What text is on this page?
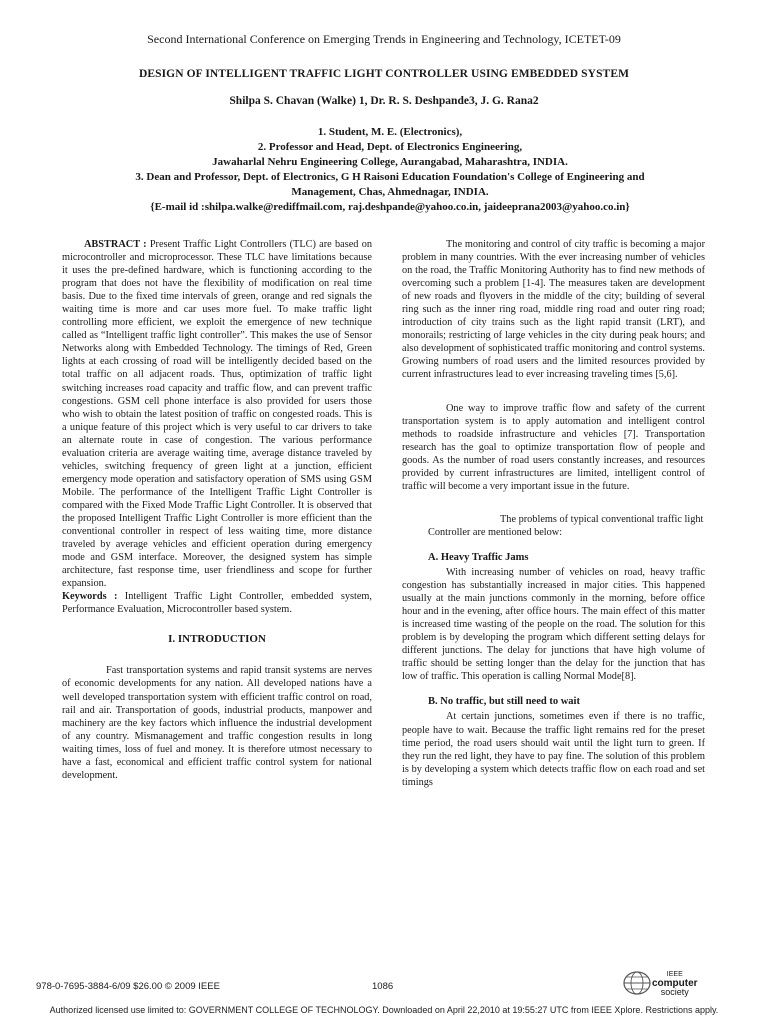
Second International Conference on Emerging Trends in Engineering and Technology, ICETET-09
DESIGN OF INTELLIGENT TRAFFIC LIGHT CONTROLLER USING EMBEDDED SYSTEM
Shilpa S. Chavan (Walke) 1, Dr. R. S. Deshpande3, J. G. Rana2
1. Student, M. E. (Electronics),
2. Professor and Head, Dept. of Electronics Engineering,
Jawaharlal Nehru Engineering College, Aurangabad, Maharashtra, INDIA.
3. Dean and Professor, Dept. of Electronics, G H Raisoni Education Foundation's College of Engineering and Management, Chas, Ahmednagar, INDIA.
{E-mail id :shilpa.walke@rediffmail.com, raj.deshpande@yahoo.co.in, jaideeprana2003@yahoo.co.in}

ABSTRACT : Present Traffic Light Controllers (TLC) are based on microcontroller and microprocessor. These TLC have limitations because it uses the pre-defined hardware, which is functioning according to the program that does not have the flexibility of modification on real time basis. Due to the fixed time intervals of green, orange and red signals the waiting time is more and car uses more fuel. To make traffic light controlling more efficient, we exploit the emergence of new technique called as “Intelligent traffic light controller”. This makes the use of Sensor Networks along with Embedded Technology. The timings of Red, Green lights at each crossing of road will be intelligently decided based on the total traffic on all adjacent roads. Thus, optimization of traffic light switching increases road capacity and traffic flow, and can prevent traffic congestions. GSM cell phone interface is also provided for users those who wish to obtain the latest position of traffic on congested roads. This is a unique feature of this project which is very useful to car drivers to take an alternate route in case of congestion. The various performance evaluation criteria are average waiting time, average distance traveled by vehicles, switching frequency of green light at a junction, efficient emergency mode operation and satisfactory operation of SMS using GSM Mobile. The performance of the Intelligent Traffic Light Controller is compared with the Fixed Mode Traffic Light Controller. It is observed that the proposed Intelligent Traffic Light Controller is more efficient than the conventional controller in respect of less waiting time, more distance traveled by average vehicles and efficient operation during emergency mode and GSM interface. Moreover, the designed system has simple architecture, fast response time, user friendliness and scope for further expansion.

Keywords : Intelligent Traffic Light Controller, embedded system, Performance Evaluation, Microcontroller based system.

I. INTRODUCTION

Fast transportation systems and rapid transit systems are nerves of economic developments for any nation. All developed nations have a well developed transportation system with efficient traffic control on road, rail and air. Transportation of goods, industrial products, manpower and machinery are the key factors which influence the industrial development of any country. Mismanagement and traffic congestion results in long waiting times, loss of fuel and money. It is therefore utmost necessary to have a fast, economical and efficient traffic control system for national development.

The monitoring and control of city traffic is becoming a major problem in many countries. With the ever increasing number of vehicles on the road, the Traffic Monitoring Authority has to find new methods of overcoming such a problem [1-4]. The measures taken are development of new roads and flyovers in the middle of the city; building of several ring such as the inner ring road, middle ring road and outer ring road; introduction of city trains such as the light rapid transit (LRT), and monorails; restricting of large vehicles in the city during peak hours; and also development of sophisticated traffic monitoring and control systems. Growing numbers of road users and the limited resources provided by current infrastructures lead to ever increasing traveling times [5,6].

One way to improve traffic flow and safety of the current transportation system is to apply automation and intelligent control methods to roadside infrastructure and vehicles [7]. Transportation research has the goal to optimize transportation flow of people and goods. As the number of road users constantly increases, and resources provided by current infrastructures are limited, intelligent control of traffic will become a very important issue in the future.

The problems of typical conventional traffic light Controller are mentioned below:

A. Heavy Traffic Jams

With increasing number of vehicles on road, heavy traffic congestion has substantially increased in major cities. This happened usually at the main junctions commonly in the morning, before office hour and in the evening, after office hours. The main effect of this matter is increased time wasting of the people on the road. The solution for this problem is by developing the program which different setting delays for different junctions. The delay for junctions that have high volume of traffic should be setting longer than the delay for the junction that has low of traffic. This operation is calling Normal Mode[8].

B. No traffic, but still need to wait

At certain junctions, sometimes even if there is no traffic, people have to wait. Because the traffic light remains red for the preset time period, the road users should wait until the light turn to green. If they run the red light, they have to pay fine. The solution of this problem is by developing a system which detects traffic flow on each road and set timings

978-0-7695-3884-6/09 $26.00 © 2009 IEEE	1086
IEEE
computer
society
Authorized licensed use limited to: GOVERNMENT COLLEGE OF TECHNOLOGY. Downloaded on April 22,2010 at 19:55:27 UTC from IEEE Xplore. Restrictions apply.
